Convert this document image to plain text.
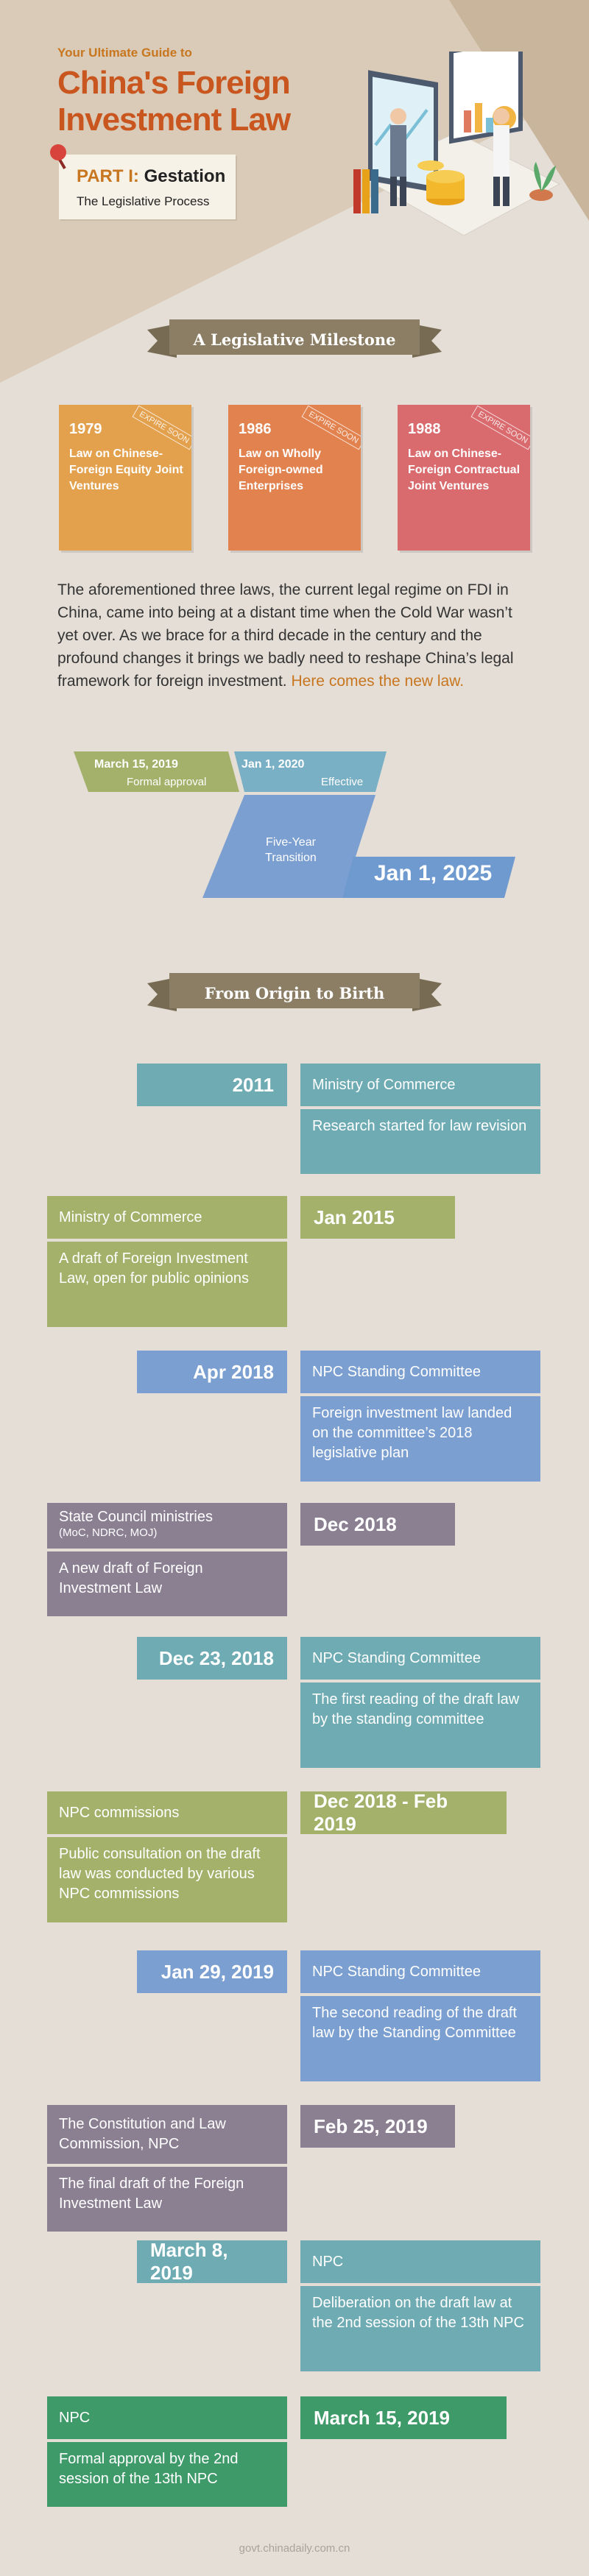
Your Ultimate Guide to
China's Foreign
Investment Law
PART I: Gestation
The Legislative Process
A Legislative Milestone
1979
Law on Chinese-Foreign Equity Joint Ventures
EXPIRE SOON	1986
Law on Wholly Foreign-owned Enterprises
EXPIRE SOON	1988
Law on Chinese-Foreign Contractual Joint Ventures
EXPIRE SOON
The aforementioned three laws, the current legal regime on FDI in China, came into being at a distant time when the Cold War wasn’t yet over. As we brace for a third decade in the century and the profound changes it brings we badly need to reshape China’s legal framework for foreign investment. Here comes the new law.
March 15, 2019
Formal approval
Jan 1, 2020
Effective
Five-Year Transition
Jan 1, 2025
From Origin to Birth
2011	Ministry of Commerce
Research started for law revision
Jan 2015
Ministry of Commerce
A draft of Foreign Investment Law, open for public opinions
Apr 2018	NPC Standing Committee
Foreign investment law landed on the committee’s 2018 legislative plan
Dec 2018
State Council ministries
(MoC, NDRC, MOJ)
A new draft of Foreign Investment Law
Dec 23, 2018	NPC Standing Committee
The first reading of the draft law by the standing committee
Dec 2018 - Feb 2019
NPC commissions
Public consultation on the draft law was conducted by various NPC commissions
Jan 29, 2019	NPC Standing Committee
The second reading of the draft law by the Standing Committee
Feb 25, 2019
The Constitution and Law Commission, NPC
The final draft of the Foreign Investment Law
March 8, 2019
NPC
Deliberation on the draft law at the 2nd session of the 13th NPC
March 15, 2019
NPC
Formal approval by the 2nd session of the 13th NPC
govt.chinadaily.com.cn
